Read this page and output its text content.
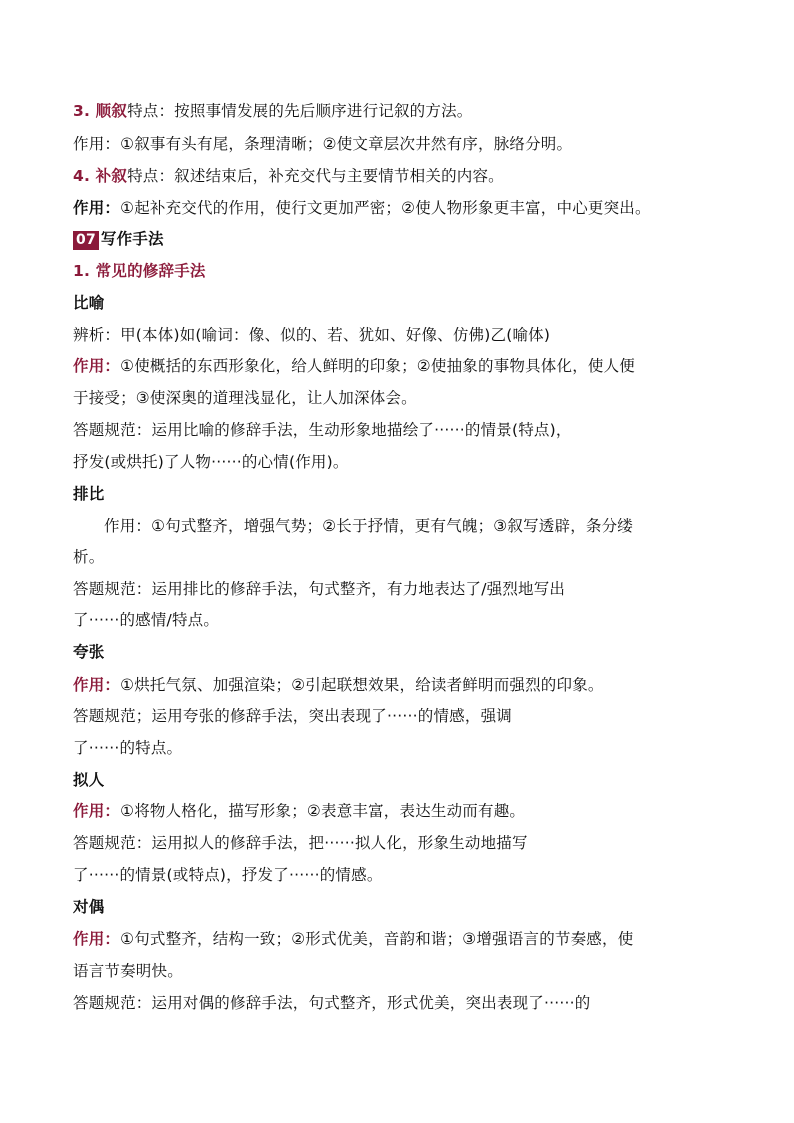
3. 顺叙特点：按照事情发展的先后顺序进行记叙的方法。
作用：①叙事有头有尾，条理清晰；②使文章层次井然有序，脉络分明。
4. 补叙特点：叙述结束后，补充交代与主要情节相关的内容。
作用：①起补充交代的作用，使行文更加严密；②使人物形象更丰富，中心更突出。
07 写作手法
1. 常见的修辞手法
比喻
辨析：甲(本体)如(喻词：像、似的、若、犹如、好像、仿佛)乙(喻体)
作用：①使概括的东西形象化，给人鲜明的印象；②使抽象的事物具体化，使人便
于接受；③使深奥的道理浅显化，让人加深体会。
答题规范：运用比喻的修辞手法，生动形象地描绘了······的情景(特点)，
抒发(或烘托)了人物······的心情(作用)。
排比
作用：①句式整齐，增强气势；②长于抒情，更有气魄；③叙写透辟，条分缕
析。
答题规范：运用排比的修辞手法，句式整齐，有力地表达了/强烈地写出
了······的感情/特点。
夸张
作用：①烘托气氛、加强渲染；②引起联想效果，给读者鲜明而强烈的印象。
答题规范；运用夸张的修辞手法，突出表现了······的情感，强调
了······的特点。
拟人
作用：①将物人格化，描写形象；②表意丰富，表达生动而有趣。
答题规范：运用拟人的修辞手法，把······拟人化，形象生动地描写
了······的情景(或特点)，抒发了······的情感。
对偶
作用：①句式整齐，结构一致；②形式优美，音韵和谐；③增强语言的节奏感，使
语言节奏明快。
答题规范：运用对偶的修辞手法，句式整齐，形式优美，突出表现了······的
